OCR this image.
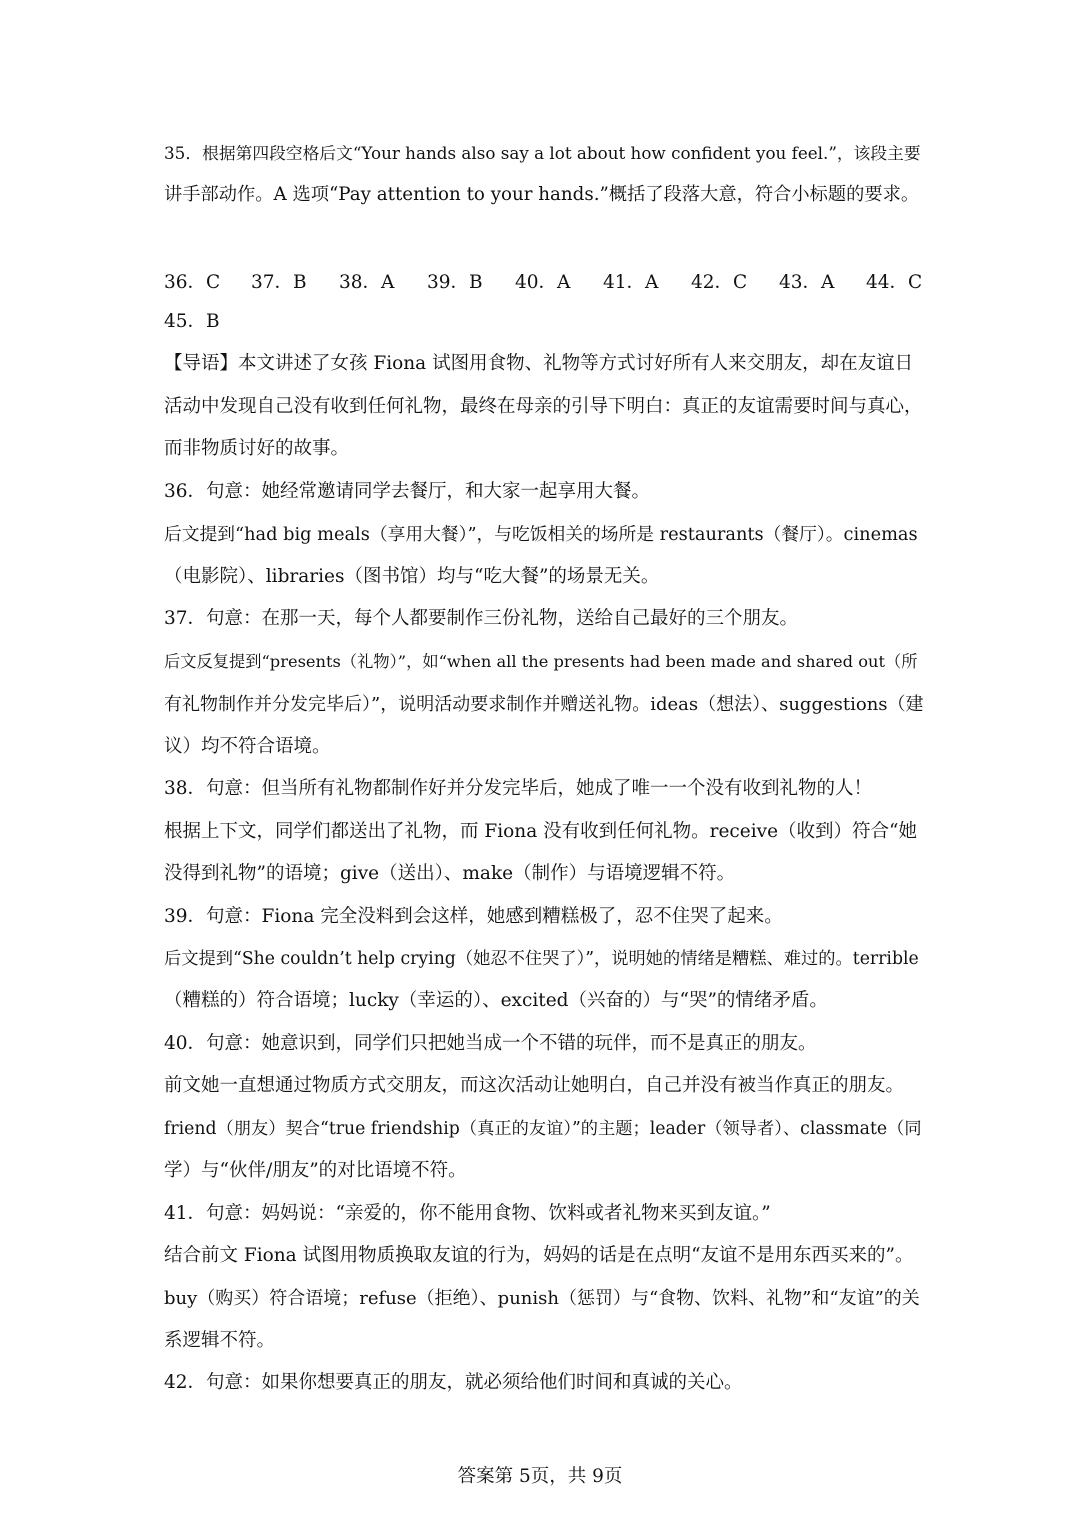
35．根据第四段空格后文“Your hands also say a lot about how confident you feel.”，该段主要
讲手部动作。A 选项“Pay attention to your hands.”概括了段落大意，符合小标题的要求。
36．C 37．B 38．A 39．B 40．A 41．A 42．C 43．A 44．C
45．B
【导语】本文讲述了女孩 Fiona 试图用食物、礼物等方式讨好所有人来交朋友，却在友谊日
活动中发现自己没有收到任何礼物，最终在母亲的引导下明白：真正的友谊需要时间与真心，
而非物质讨好的故事。
36．句意：她经常邀请同学去餐厅，和大家一起享用大餐。
后文提到“had big meals（享用大餐）”，与吃饭相关的场所是 restaurants（餐厅）。cinemas
（电影院）、libraries（图书馆）均与“吃大餐”的场景无关。
37．句意：在那一天，每个人都要制作三份礼物，送给自己最好的三个朋友。
后文反复提到“presents（礼物）”，如“when all the presents had been made and shared out（所
有礼物制作并分发完毕后）”，说明活动要求制作并赠送礼物。ideas（想法）、suggestions（建
议）均不符合语境。
38．句意：但当所有礼物都制作好并分发完毕后，她成了唯一一个没有收到礼物的人！
根据上下文，同学们都送出了礼物，而 Fiona 没有收到任何礼物。receive（收到）符合“她
没得到礼物”的语境；give（送出）、make（制作）与语境逻辑不符。
39．句意：Fiona 完全没料到会这样，她感到糟糕极了，忍不住哭了起来。
后文提到“She couldn’t help crying（她忍不住哭了）”，说明她的情绪是糟糕、难过的。terrible
（糟糕的）符合语境；lucky（幸运的）、excited（兴奋的）与“哭”的情绪矛盾。
40．句意：她意识到，同学们只把她当成一个不错的玩伴，而不是真正的朋友。
前文她一直想通过物质方式交朋友，而这次活动让她明白，自己并没有被当作真正的朋友。
friend（朋友）契合“true friendship（真正的友谊）”的主题；leader（领导者）、classmate（同
学）与“伙伴/朋友”的对比语境不符。
41．句意：妈妈说：“亲爱的，你不能用食物、饮料或者礼物来买到友谊。”
结合前文 Fiona 试图用物质换取友谊的行为，妈妈的话是在点明“友谊不是用东西买来的”。
buy（购买）符合语境；refuse（拒绝）、punish（惩罚）与“食物、饮料、礼物”和“友谊”的关
系逻辑不符。
42．句意：如果你想要真正的朋友，就必须给他们时间和真诚的关心。
答案第 5页，共 9页
